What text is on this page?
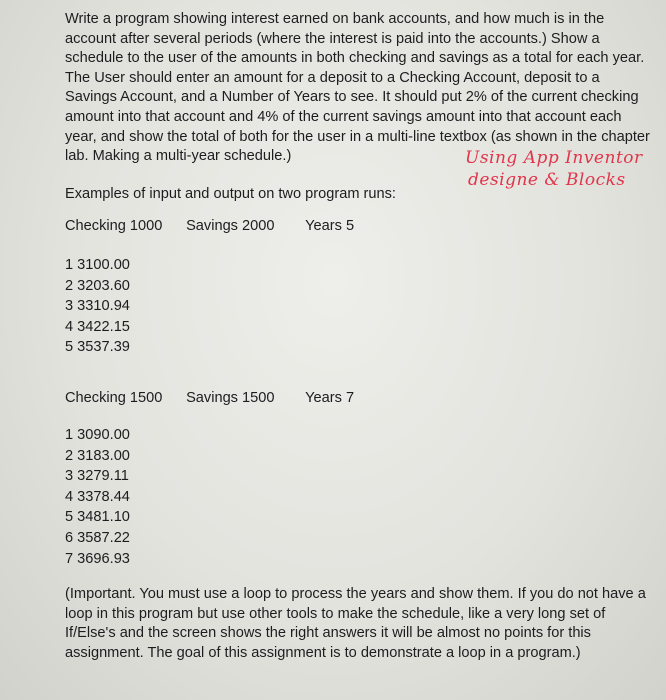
Write a program showing interest earned on bank accounts, and how much is in the account after several periods (where the interest is paid into the accounts.) Show a schedule to the user of the amounts in both checking and savings as a total for each year. The User should enter an amount for a deposit to a Checking Account, deposit to a Savings Account, and a Number of Years to see. It should put 2% of the current checking amount into that account and 4% of the current savings amount into that account each year, and show the total of both for the user in a multi-line textbox (as shown in the chapter lab. Making a multi-year schedule.)	Using App Inventor
designe & Blocks
Examples of input and output on two program runs:
Checking 1000 Savings 2000 Years 5
1 3100.00
2 3203.60
3 3310.94
4 3422.15
5 3537.39
Checking 1500 Savings 1500 Years 7
1 3090.00
2 3183.00
3 3279.11
4 3378.44
5 3481.10
6 3587.22
7 3696.93

(Important. You must use a loop to process the years and show them. If you do not have a loop in this program but use other tools to make the schedule, like a very long set of If/Else's and the screen shows the right answers it will be almost no points for this assignment. The goal of this assignment is to demonstrate a loop in a program.)
